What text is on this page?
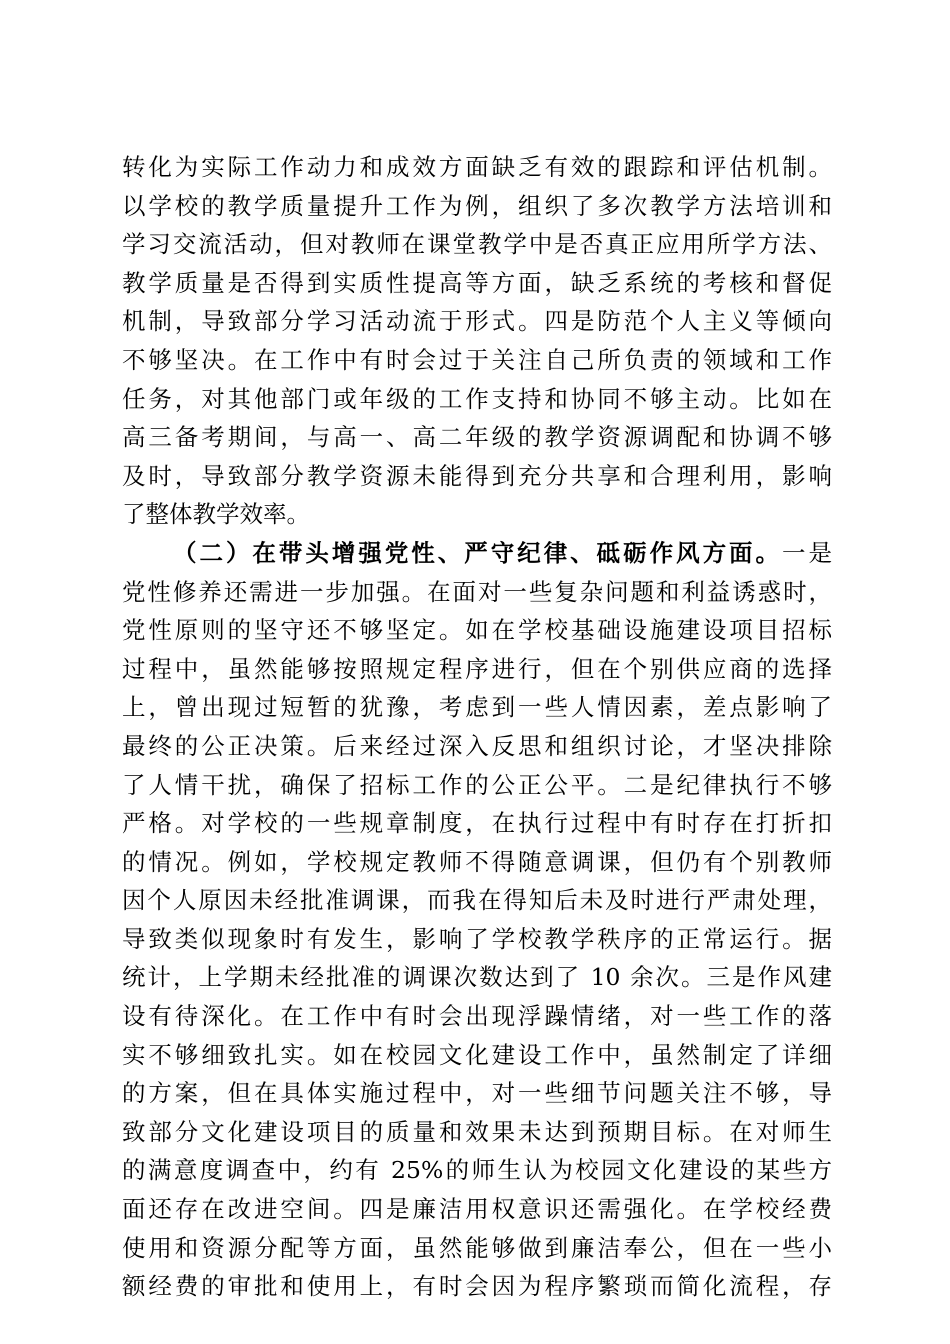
转化为实际工作动力和成效方面缺乏有效的跟踪和评估机制。
以学校的教学质量提升工作为例，组织了多次教学方法培训和
学习交流活动，但对教师在课堂教学中是否真正应用所学方法、
教学质量是否得到实质性提高等方面，缺乏系统的考核和督促
机制，导致部分学习活动流于形式。四是防范个人主义等倾向
不够坚决。在工作中有时会过于关注自己所负责的领域和工作
任务，对其他部门或年级的工作支持和协同不够主动。比如在
高三备考期间，与高一、高二年级的教学资源调配和协调不够
及时，导致部分教学资源未能得到充分共享和合理利用，影响
了整体教学效率。
（二）在带头增强党性、严守纪律、砥砺作风方面。一是
党性修养还需进一步加强。在面对一些复杂问题和利益诱惑时，
党性原则的坚守还不够坚定。如在学校基础设施建设项目招标
过程中，虽然能够按照规定程序进行，但在个别供应商的选择
上，曾出现过短暂的犹豫，考虑到一些人情因素，差点影响了
最终的公正决策。后来经过深入反思和组织讨论，才坚决排除
了人情干扰，确保了招标工作的公正公平。二是纪律执行不够
严格。对学校的一些规章制度，在执行过程中有时存在打折扣
的情况。例如，学校规定教师不得随意调课，但仍有个别教师
因个人原因未经批准调课，而我在得知后未及时进行严肃处理，
导致类似现象时有发生，影响了学校教学秩序的正常运行。据
统计，上学期未经批准的调课次数达到了 10 余次。三是作风建
设有待深化。在工作中有时会出现浮躁情绪，对一些工作的落
实不够细致扎实。如在校园文化建设工作中，虽然制定了详细
的方案，但在具体实施过程中，对一些细节问题关注不够，导
致部分文化建设项目的质量和效果未达到预期目标。在对师生
的满意度调查中，约有 25%的师生认为校园文化建设的某些方
面还存在改进空间。四是廉洁用权意识还需强化。在学校经费
使用和资源分配等方面，虽然能够做到廉洁奉公，但在一些小
额经费的审批和使用上，有时会因为程序繁琐而简化流程，存
